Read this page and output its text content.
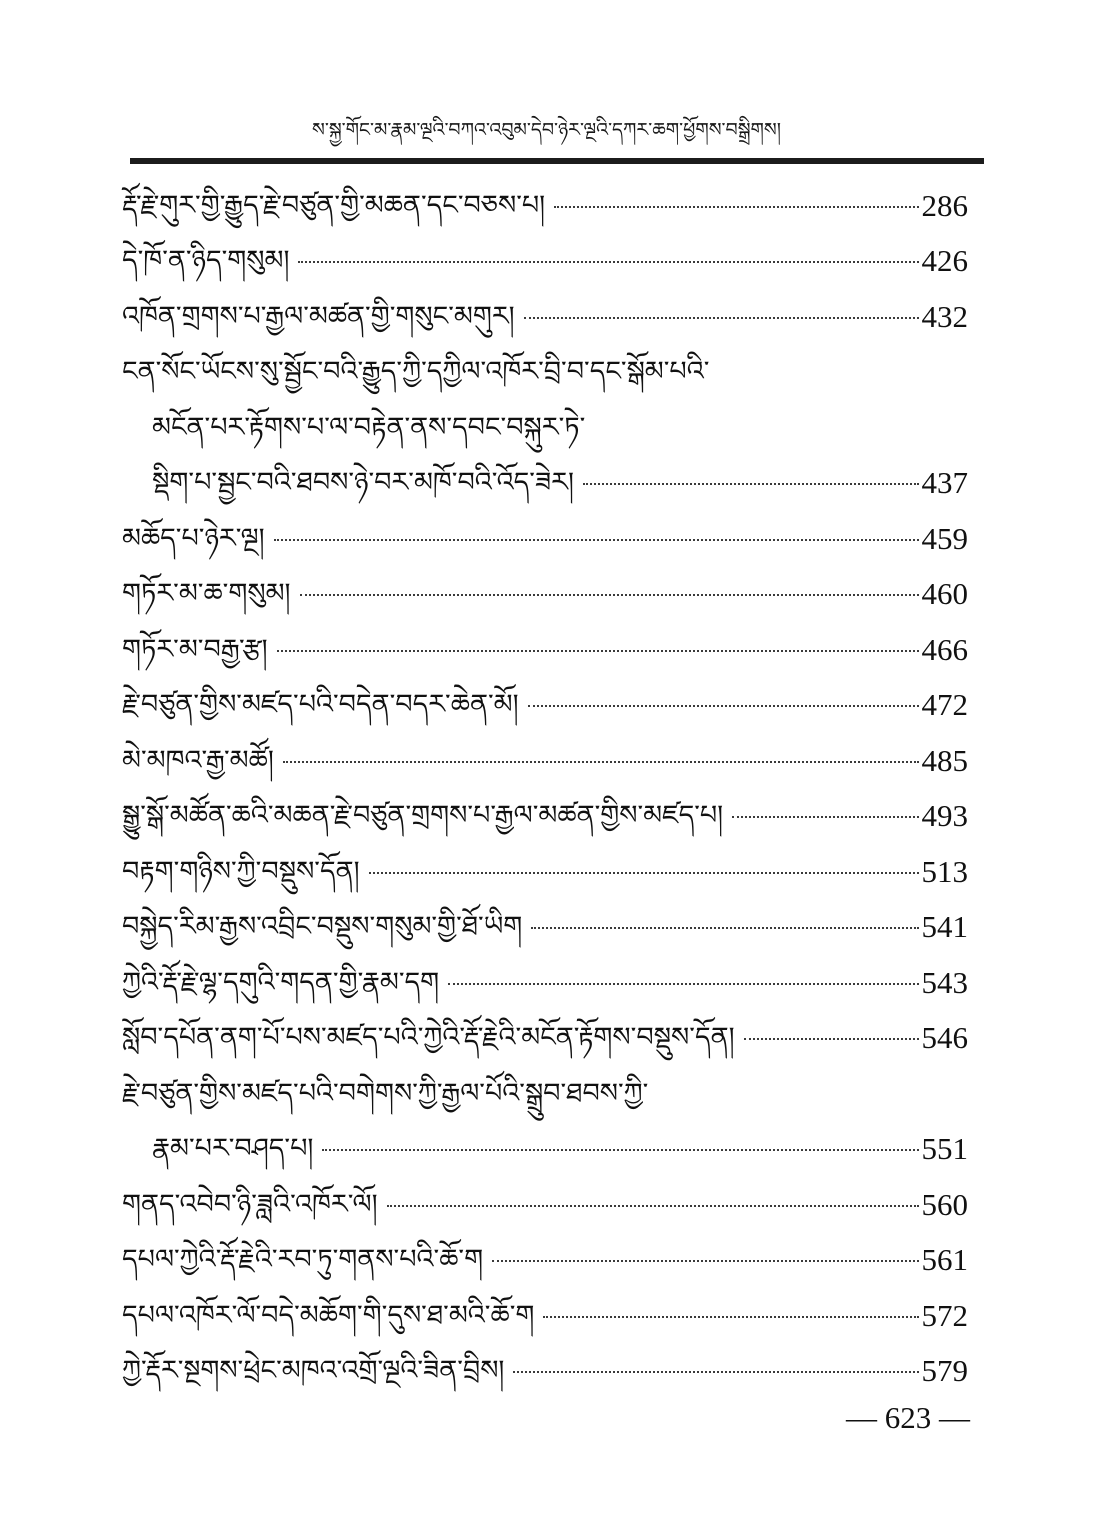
ས་སྐྱ་གོང་མ་རྣམ་ལྔའི་བཀའ་འབུམ་དེབ་ཉེར་ལྔའི་དཀར་ཆག་ཕྱོགས་བསྒྲིགས།
རྡོ་རྗེ་གུར་གྱི་རྒྱུད་རྗེ་བཙུན་གྱི་མཆན་དང་བཅས་པ།	286
དེ་ཁོ་ན་ཉིད་གསུམ།	426
འཁོན་གྲགས་པ་རྒྱལ་མཚན་གྱི་གསུང་མགུར།	432
ངན་སོང་ཡོངས་སུ་སྦྱོང་བའི་རྒྱུད་ཀྱི་དཀྱིལ་འཁོར་བྲི་བ་དང་སྒོམ་པའི་
མངོན་པར་རྟོགས་པ་ལ་བརྟེན་ནས་དབང་བསྐུར་ཏེ་
སྡིག་པ་སྦྱང་བའི་ཐབས་ཉེ་བར་མཁོ་བའི་འོད་ཟེར།	437
མཆོད་པ་ཉེར་ལྔ།	459
གཏོར་མ་ཆ་གསུམ།	460
གཏོར་མ་བརྒྱ་རྩ།	466
རྗེ་བཙུན་གྱིས་མཛད་པའི་བདེན་བདར་ཆེན་མོ།	472
མེ་མཁའ་རྒྱ་མཚོ།	485
སྒྱུ་སྒོ་མཚོན་ཆའི་མཆན་རྗེ་བཙུན་གྲགས་པ་རྒྱལ་མཚན་གྱིས་མཛད་པ།	493
བརྟག་གཉིས་ཀྱི་བསྡུས་དོན།	513
བསྐྱེད་རིམ་རྒྱས་འབྲིང་བསྡུས་གསུམ་གྱི་ཐོ་ཡིག	541
ཀྱེའི་རྡོ་རྗེ་ལྷ་དགུའི་གདན་གྱི་རྣམ་དག	543
སློབ་དཔོན་ནག་པོ་པས་མཛད་པའི་ཀྱེའི་རྡོ་རྗེའི་མངོན་རྟོགས་བསྡུས་དོན།	546
རྗེ་བཙུན་གྱིས་མཛད་པའི་བགེགས་ཀྱི་རྒྱལ་པོའི་སྒྲུབ་ཐབས་ཀྱི་
རྣམ་པར་བཤད་པ།	551
གནད་འབེབ་ཉི་ཟླའི་འཁོར་ལོ།	560
དཔལ་ཀྱེའི་རྡོ་རྗེའི་རབ་ཏུ་གནས་པའི་ཆོ་ག	561
དཔལ་འཁོར་ལོ་བདེ་མཆོག་གི་དུས་ཐ་མའི་ཆོ་ག	572
ཀྱེ་རྡོར་སྔགས་ཕྲེང་མཁའ་འགྲོ་ལྔའི་ཟིན་བྲིས།	579
— 623 —
